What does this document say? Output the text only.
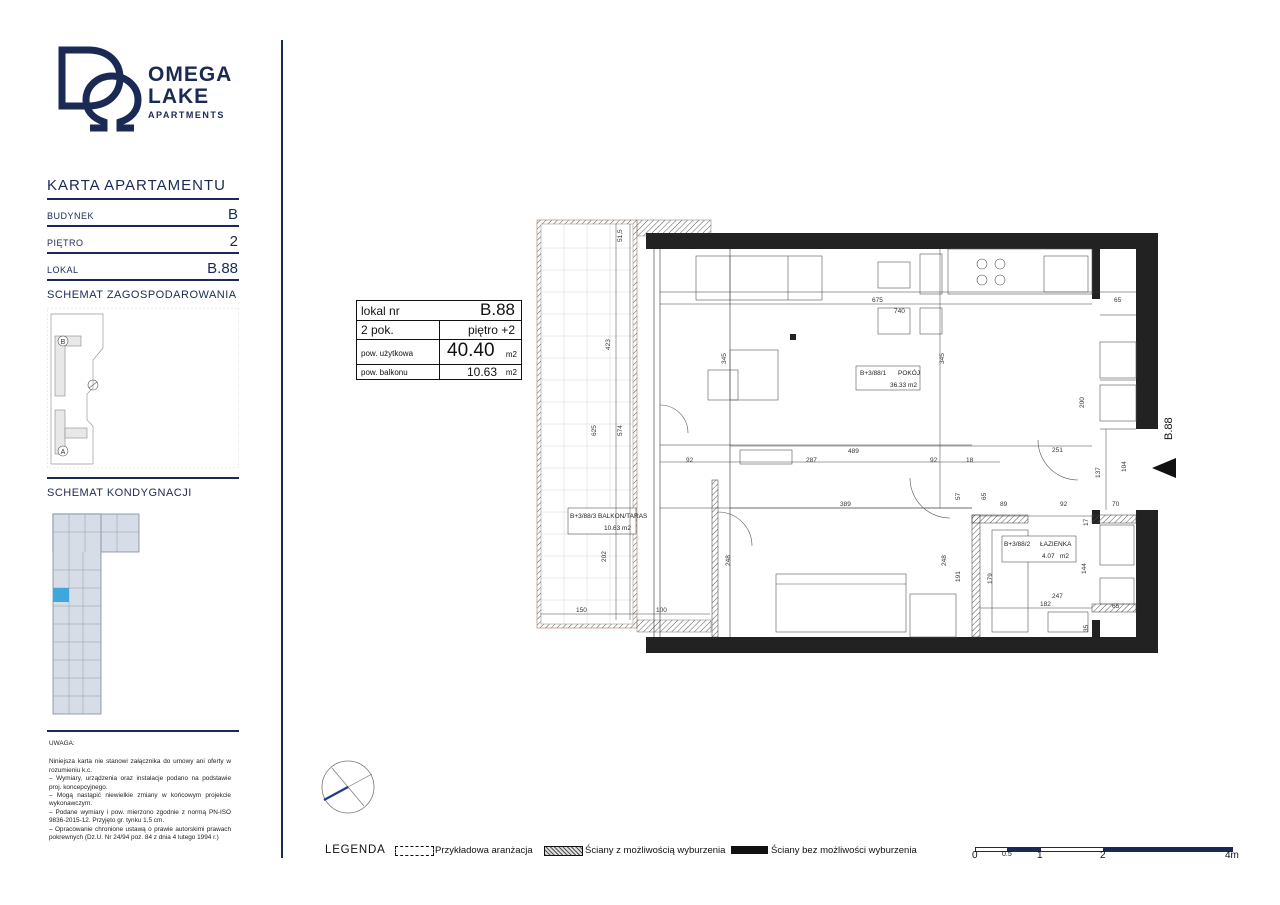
OMEGA
LAKE
APARTMENTS
KARTA APARTAMENTU
BUDYNEK	B
PIĘTRO	2
LOKAL	B.88
SCHEMAT ZAGOSPODAROWANIA
B
A
SCHEMAT KONDYGNACJI
UWAGA:
Niniejsza karta nie stanowi załącznika do umowy ani oferty w rozumieniu k.c.
– Wymiary, urządzenia oraz instalacje podano na podstawie proj. koncepcyjnego.
– Mogą nastąpić niewielkie zmiany w końcowym projekcie wykonawczym.
– Podane wymiary i pow. mierzono zgodnie z normą PN-ISO 9836-2015-12. Przyjęto gr. tynku 1,5 cm.
– Opracowanie chronione ustawą o prawie autorskimi prawach pokrewnych (Dz.U. Nr 24/94 poz. 84 z dnia 4 lutego 1994 r.)
B+3/88/1 POKÓJ
36.33 m2
B+3/88/2 ŁAZIENKA
4.07 m2
B+3/88/3 BALKON/TARAS
10.63 m2
675
740
65
489	251
92	287	92	18
389	89	92	70
182
247
65
150	100
423
625	574
51,5
202
345	345
200
57	65
248	248
191	179
144
137
104
35
17
B.88
lokal nr	B.88
2 pok.	piętro +2
pow. użytkowa 40.40 m2
pow. balkonu	10.63 m2
LEGENDA	Przykładowa aranżacja	Ściany z możliwością wyburzenia	Ściany bez możliwości wyburzenia	0	0.5	1	2	4m
